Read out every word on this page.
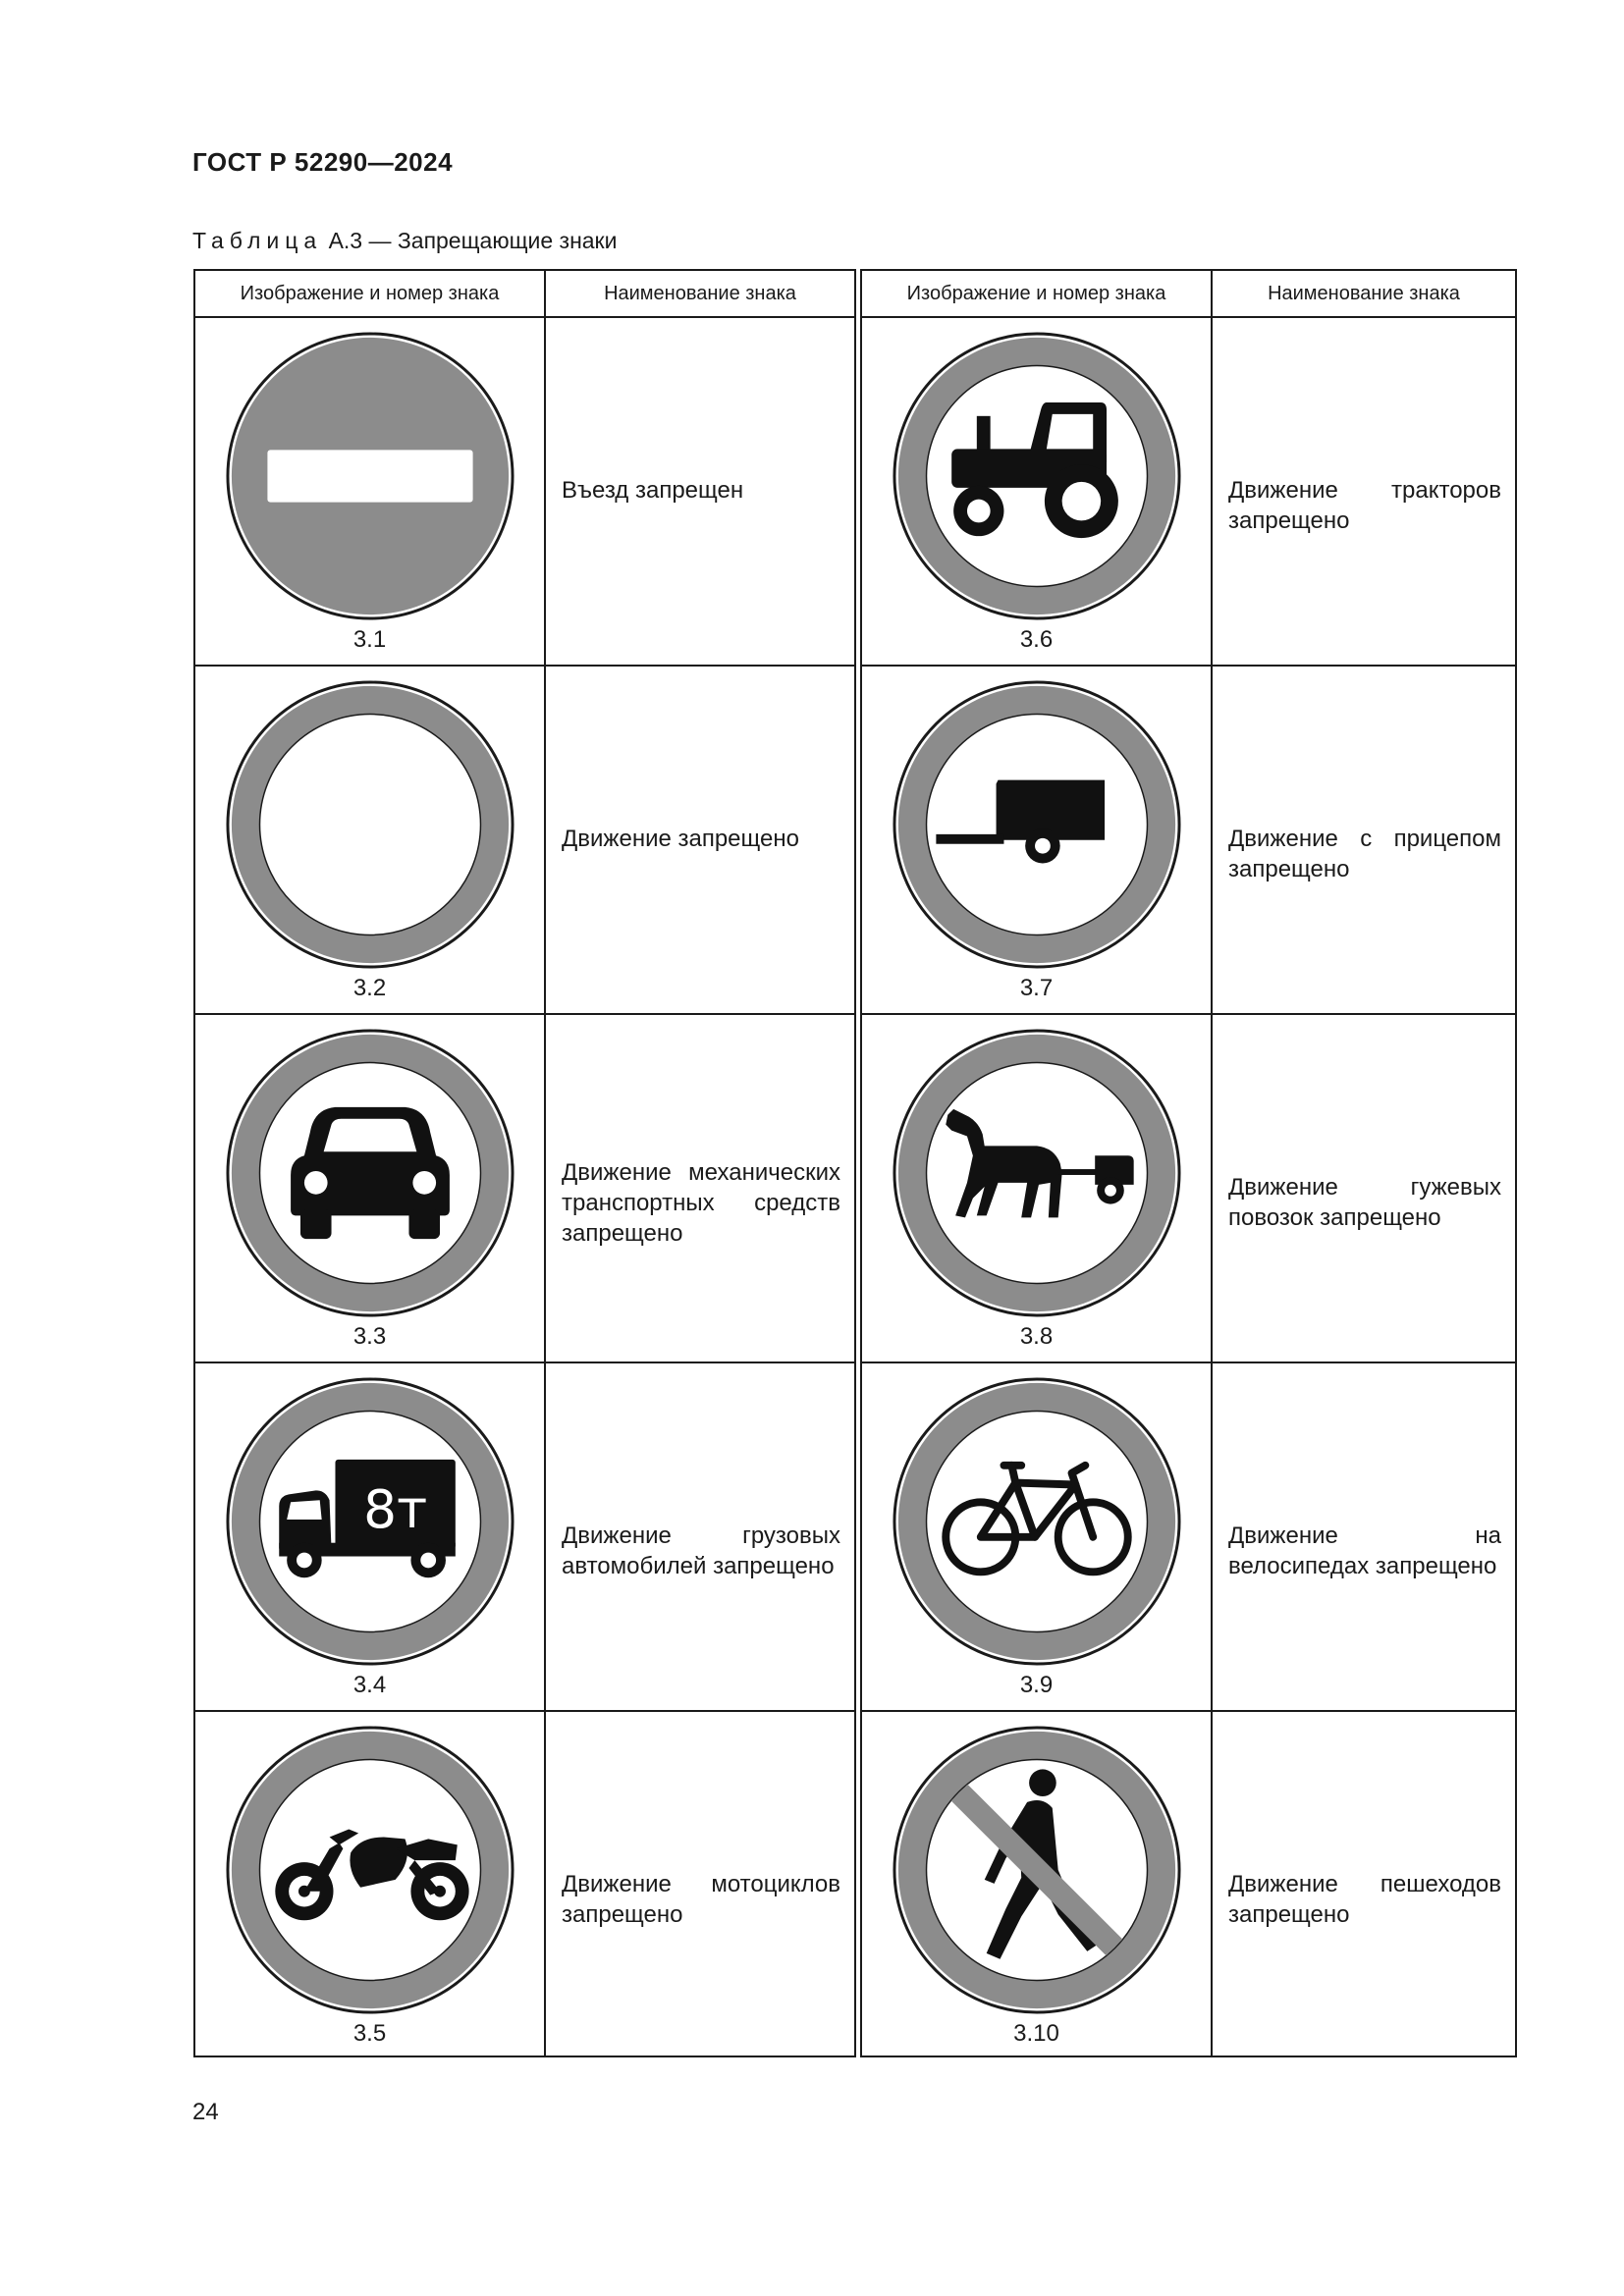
ГОСТ Р 52290—2024
Таблица А.3 — Запрещающие знаки
Изображение и номер знака	Наименование знака
3.1
Въезд запрещен
3.2
Движение запрещено
3.3
Движение механических транспортных средств запрещено
8т
3.4
Движение грузовых автомобилей запрещено
3.5
Движение мотоциклов запрещено
Изображение и номер знака	Наименование знака
3.6
Движение тракторов запрещено
3.7
Движение с прицепом запрещено
3.8
Движение гужевых повозок запрещено
3.9
Движение на велосипедах запрещено
3.10
Движение пешеходов запрещено
24
